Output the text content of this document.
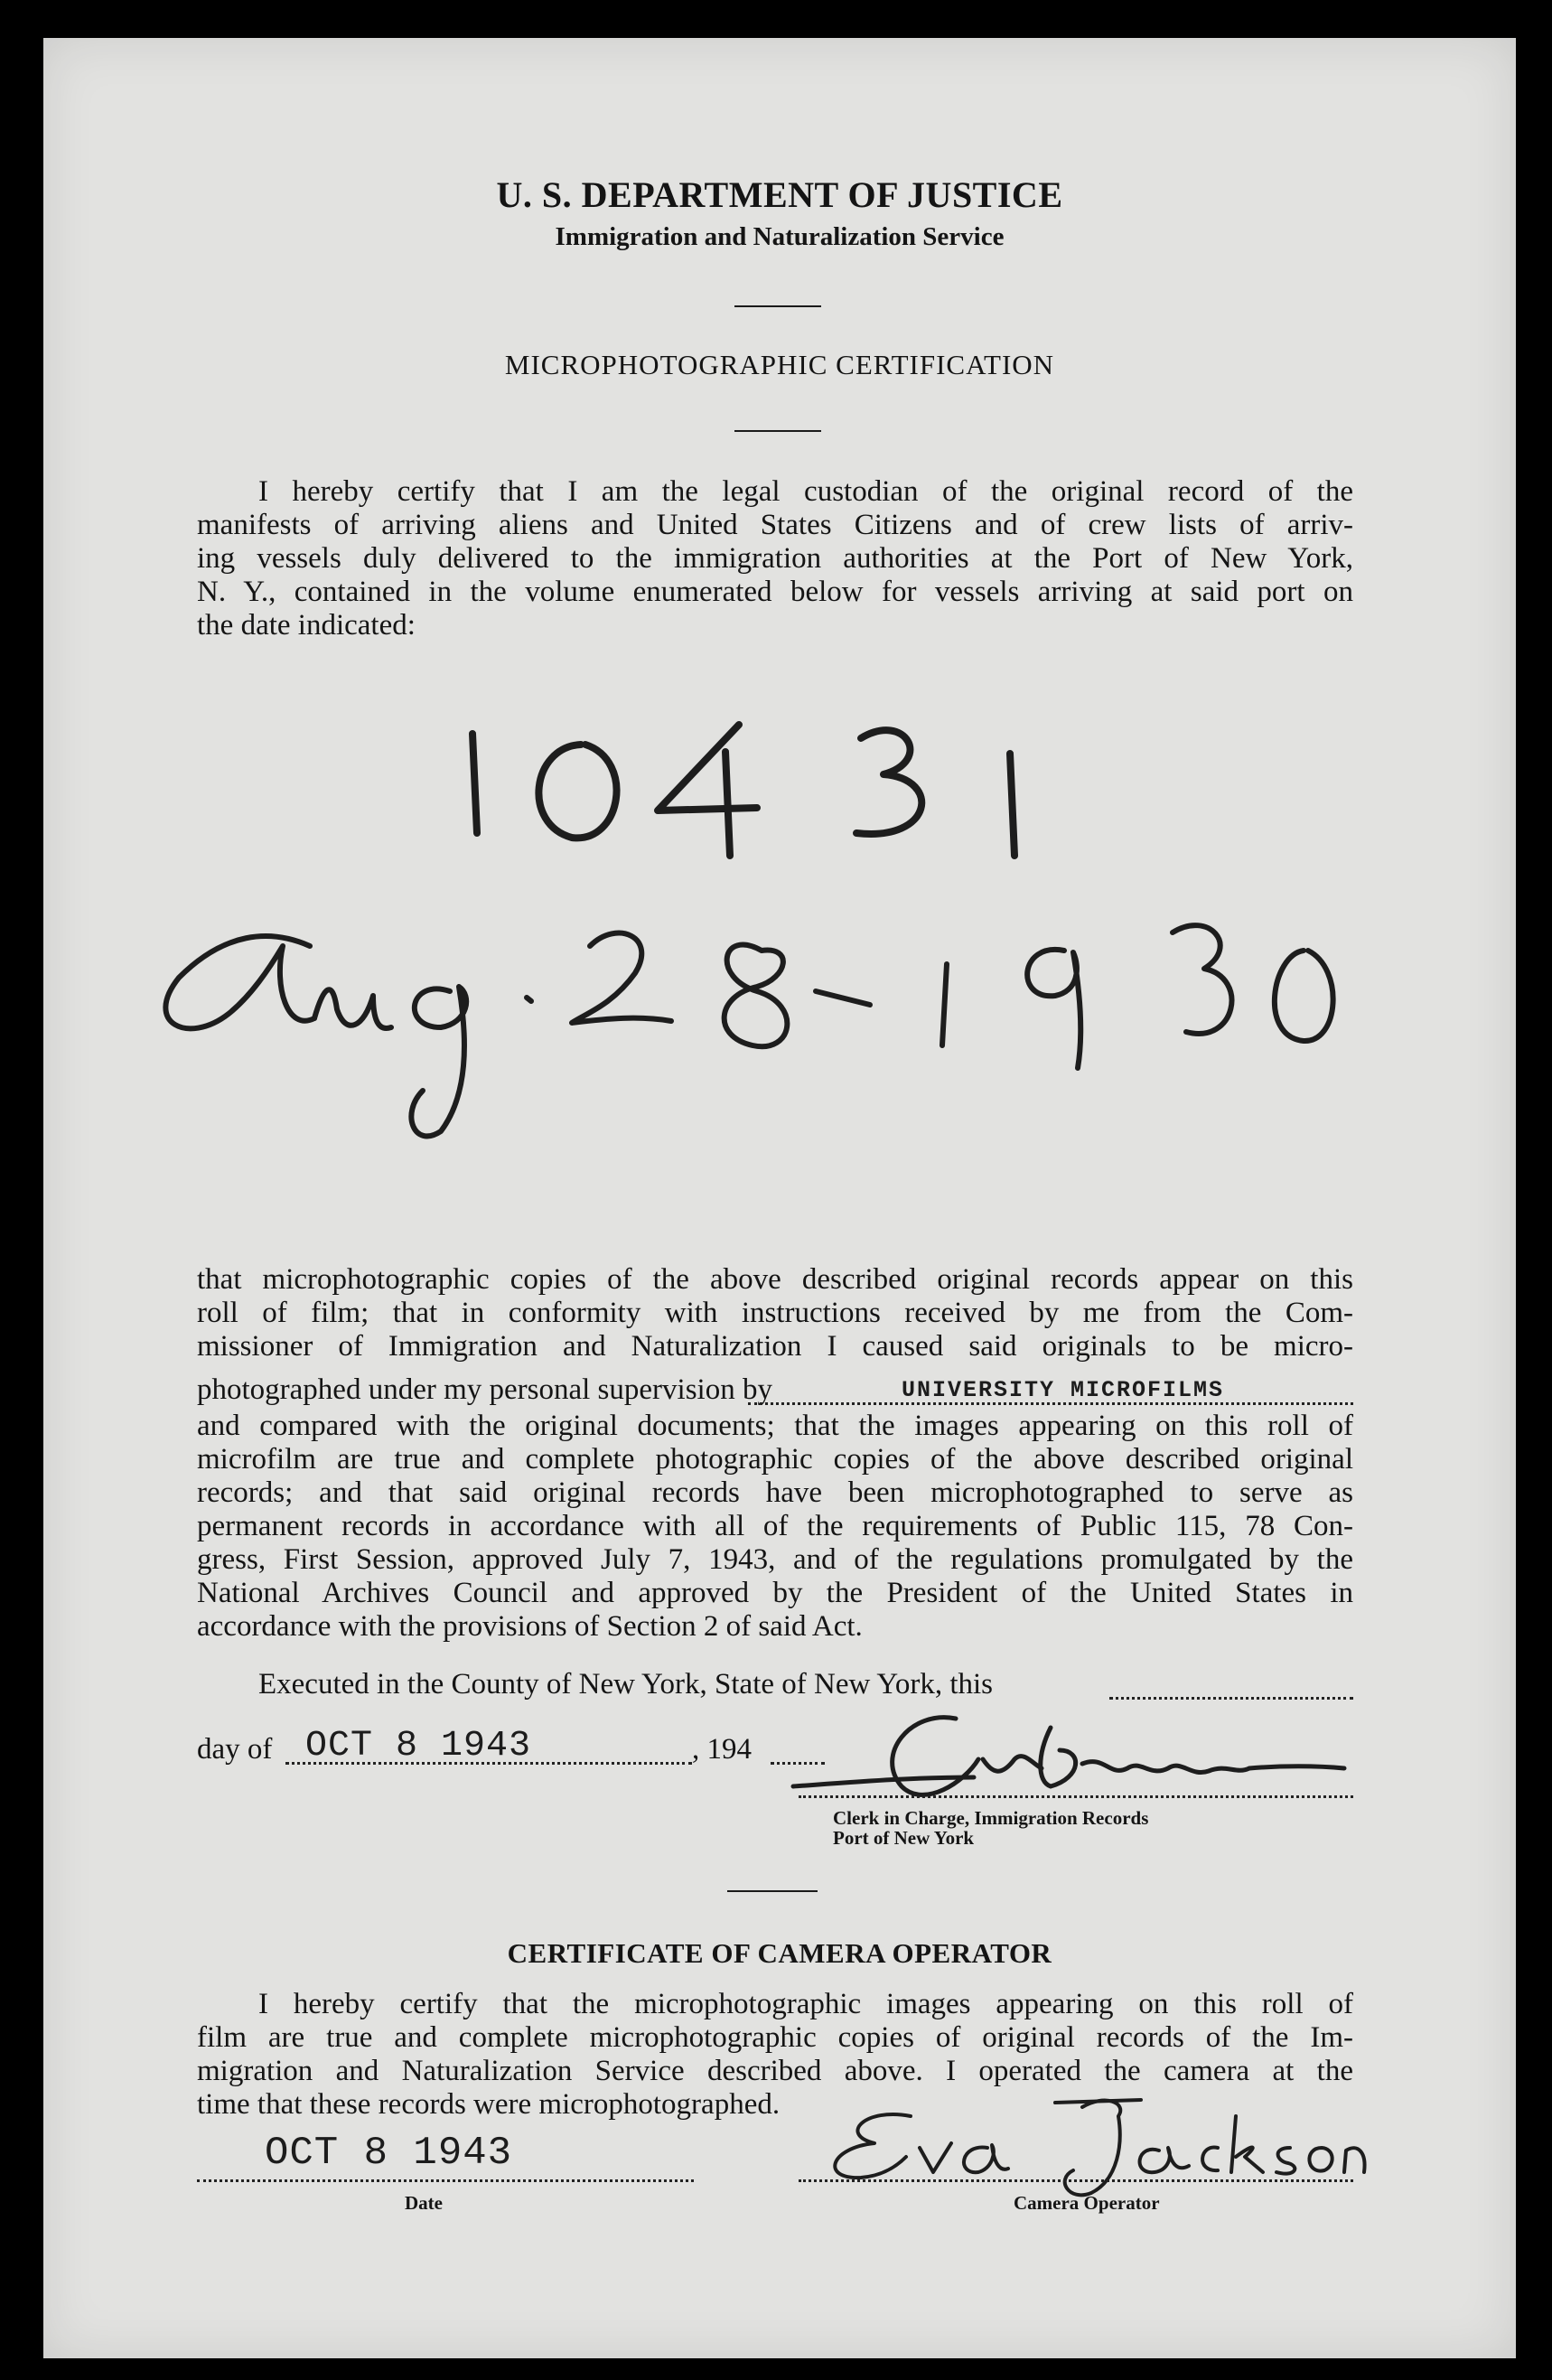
U. S. DEPARTMENT OF JUSTICE
Immigration and Naturalization Service
MICROPHOTOGRAPHIC CERTIFICATION
I hereby certify that I am the legal custodian of the original record of the
manifests of arriving aliens and United States Citizens and of crew lists of arriv-
ing vessels duly delivered to the immigration authorities at the Port of New York,
N. Y., contained in the volume enumerated below for vessels arriving at said port on
the date indicated:
that microphotographic copies of the above described original records appear on this
roll of film; that in conformity with instructions received by me from the Com-
missioner of Immigration and Naturalization I caused said originals to be micro-
photographed under my personal supervision by	UNIVERSITY MICROFILMS
and compared with the original documents; that the images appearing on this roll of
microfilm are true and complete photographic copies of the above described original
records; and that said original records have been microphotographed to serve as
permanent records in accordance with all of the requirements of Public 115, 78 Con-
gress, First Session, approved July 7, 1943, and of the regulations promulgated by the
National Archives Council and approved by the President of the United States in
accordance with the provisions of Section 2 of said Act.
Executed in the County of New York, State of New York, this
day of OCT 8 1943	, 194
Clerk in Charge, Immigration Records
Port of New York
CERTIFICATE OF CAMERA OPERATOR
I hereby certify that the microphotographic images appearing on this roll of
film are true and complete microphotographic copies of original records of the Im-
migration and Naturalization Service described above. I operated the camera at the
time that these records were microphotographed.
OCT 8 1943
Date	Camera Operator
